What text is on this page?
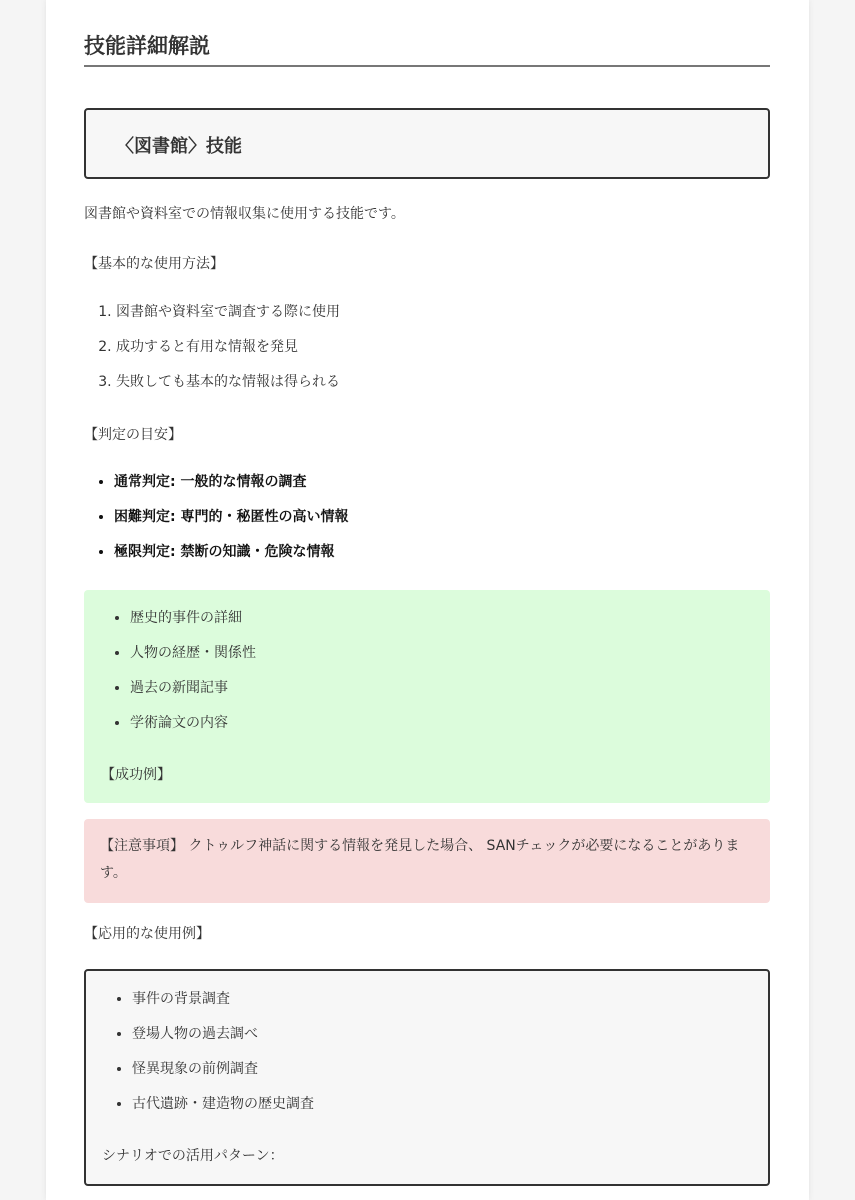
技能詳細解説
〈図書館〉技能
図書館や資料室での情報収集に使用する技能です。
【基本的な使用方法】
1. 図書館や資料室で調査する際に使用
2. 成功すると有用な情報を発見
3. 失敗しても基本的な情報は得られる
【判定の目安】
• 通常判定: 一般的な情報の調査
• 困難判定: 専門的・秘匿性の高い情報
• 極限判定: 禁断の知識・危険な情報
• 歴史的事件の詳細
• 人物の経歴・関係性
• 過去の新聞記事
• 学術論文の内容
【成功例】
【注意事項】 クトゥルフ神話に関する情報を発見した場合、 SANチェックが必要になることがあります。
【応用的な使用例】
• 事件の背景調査
• 登場人物の過去調べ
• 怪異現象の前例調査
• 古代遺跡・建造物の歴史調査
シナリオでの活用パターン：
